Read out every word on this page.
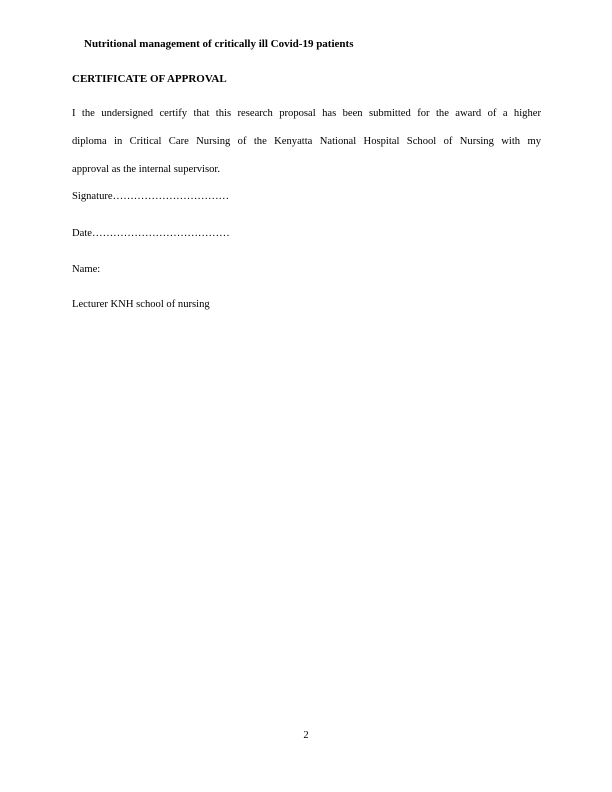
Nutritional management of critically ill Covid-19 patients
CERTIFICATE OF APPROVAL
I the undersigned certify that this research proposal has been submitted for the award of a higher
diploma in Critical Care Nursing of the Kenyatta National Hospital School of Nursing with my
approval as the internal supervisor.
Signature……………………………
Date…………………………………
Name:
Lecturer KNH school of nursing
2
